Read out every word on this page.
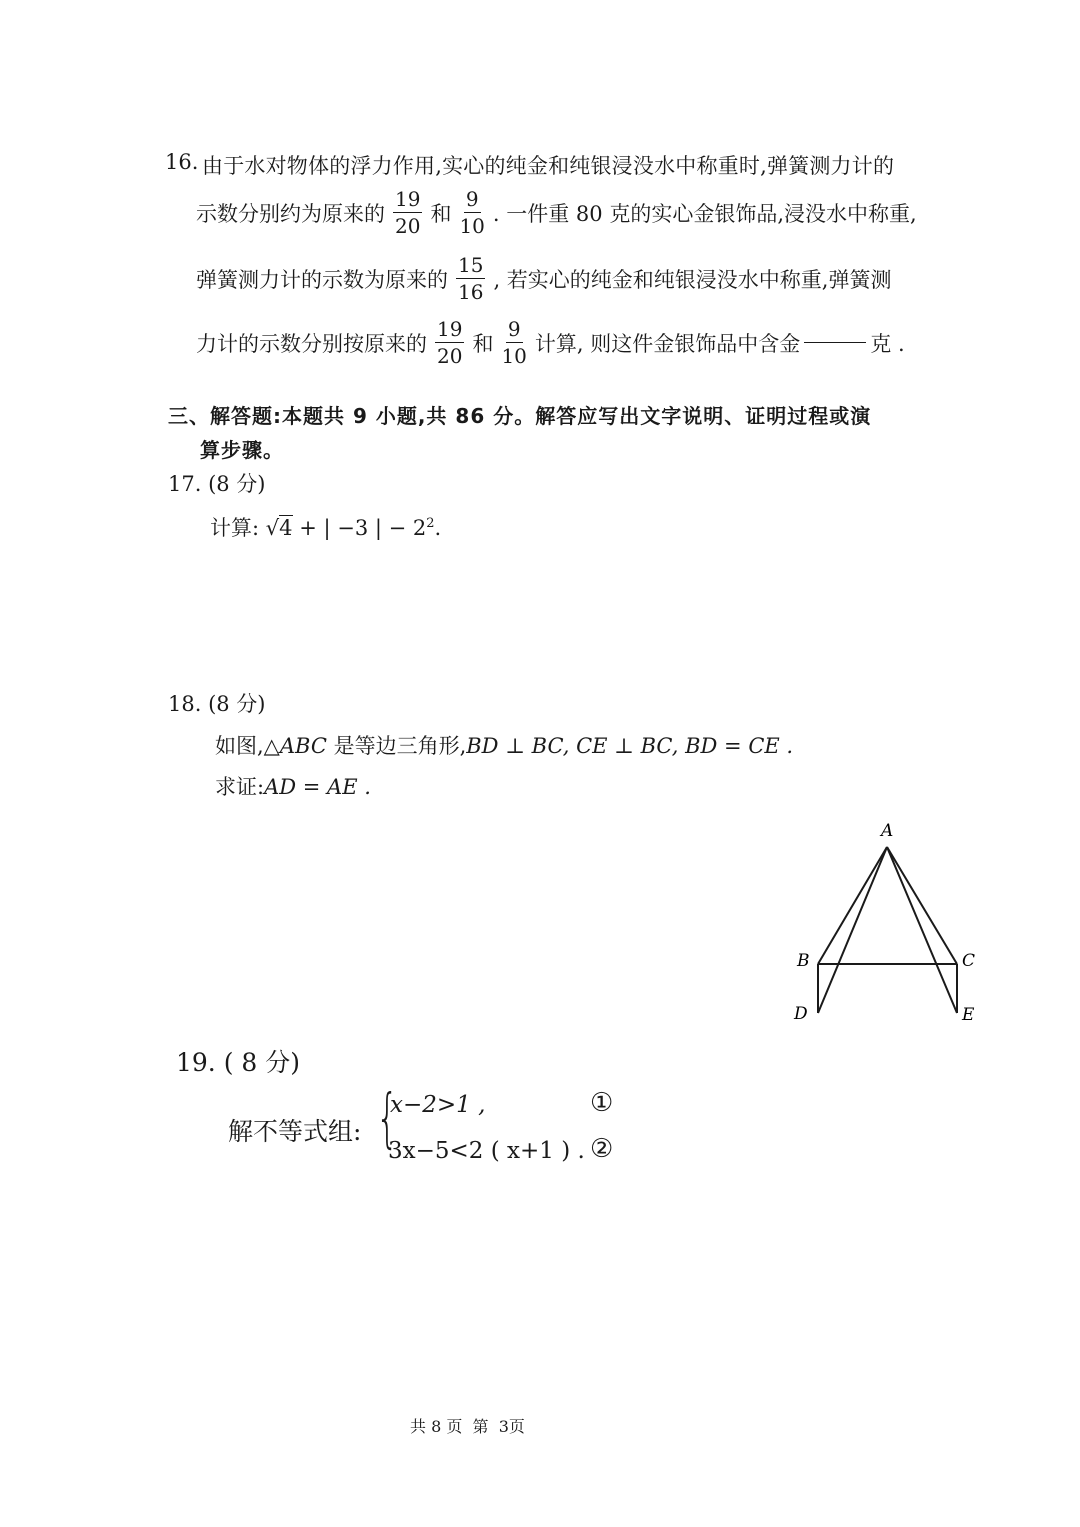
16. 由于水对物体的浮力作用,实心的纯金和纯银浸没水中称重时,弹簧测力计的
示数分别约为原来的 $\frac{19}{20}$ 和 $\frac{9}{10}$ . 一件重 80 克的实心金银饰品,浸没水中称重,
弹簧测力计的示数为原来的 $\frac{15}{16}$ , 若实心的纯金和纯银浸没水中称重,弹簧测
力计的示数分别按原来的 $\frac{19}{20}$ 和 $\frac{9}{10}$ 计算, 则这件金银饰品中含金	克 .
三、解答题:本题共 9 小题,共 86 分。解答应写出文字说明、证明过程或演
算步骤。
17. (8 分)
计算: √4 + | −3 | − $2^2$.
18. (8 分)
如图,△ABC 是等边三角形,BD ⊥ BC, CE ⊥ BC, BD = CE .
求证:AD = AE .
A
B	C
D	E
19. ( 8 分)
解不等式组: {
x−2>1 ,
3x−5<2 ( x+1 ) .
①
②
共 8 页  第  3页
